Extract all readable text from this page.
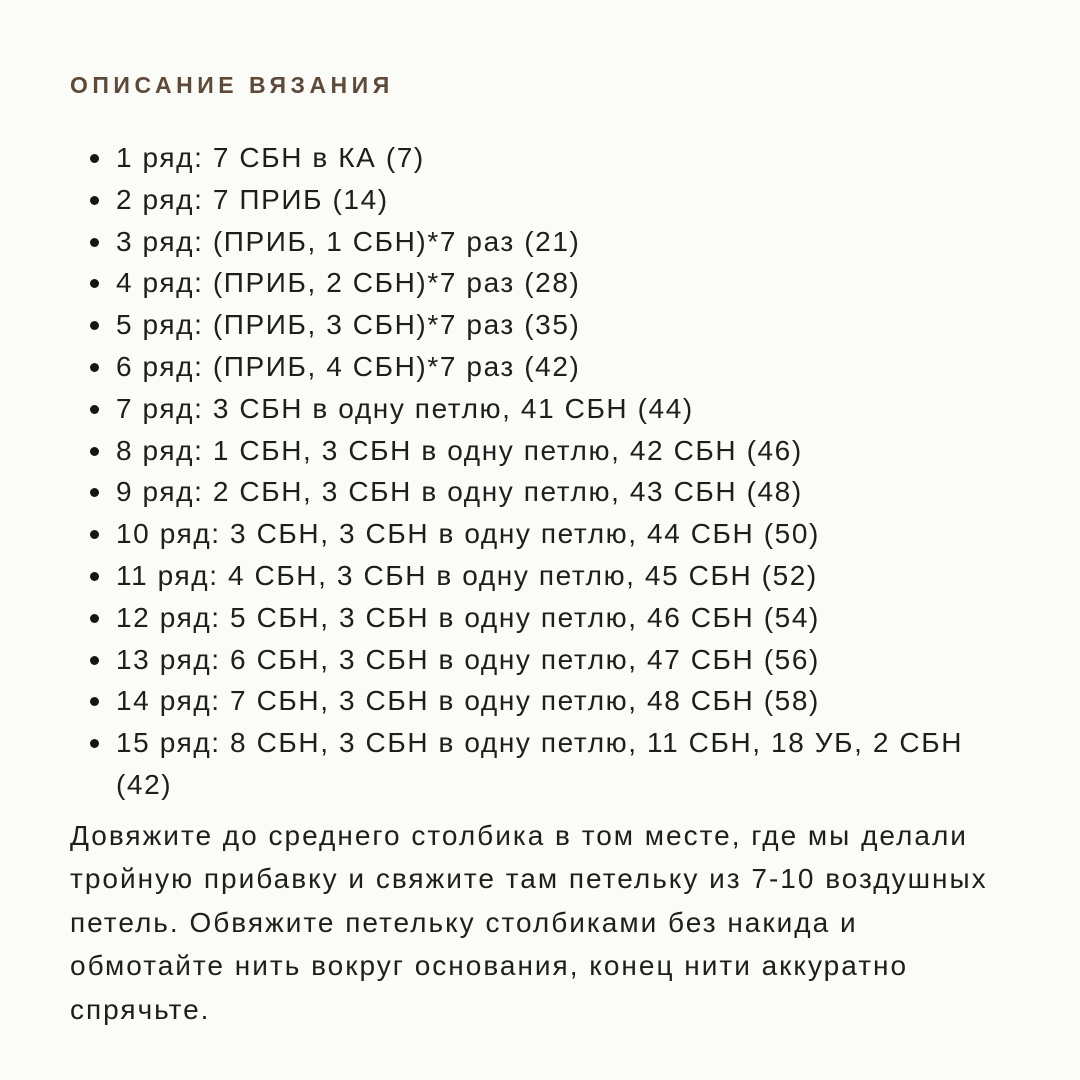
ОПИСАНИЕ ВЯЗАНИЯ
1 ряд: 7 СБН в КА (7)
2 ряд: 7 ПРИБ (14)
3 ряд: (ПРИБ, 1 СБН)*7 раз (21)
4 ряд: (ПРИБ, 2 СБН)*7 раз (28)
5 ряд: (ПРИБ, 3 СБН)*7 раз (35)
6 ряд: (ПРИБ, 4 СБН)*7 раз (42)
7 ряд: 3 СБН в одну петлю, 41 СБН (44)
8 ряд: 1 СБН, 3 СБН в одну петлю, 42 СБН (46)
9 ряд: 2 СБН, 3 СБН в одну петлю, 43 СБН (48)
10 ряд: 3 СБН, 3 СБН в одну петлю, 44 СБН (50)
11 ряд: 4 СБН, 3 СБН в одну петлю, 45 СБН (52)
12 ряд: 5 СБН, 3 СБН в одну петлю, 46 СБН (54)
13 ряд: 6 СБН, 3 СБН в одну петлю, 47 СБН (56)
14 ряд: 7 СБН, 3 СБН в одну петлю, 48 СБН (58)
15 ряд: 8 СБН, 3 СБН в одну петлю, 11 СБН, 18 УБ, 2 СБН (42)

Довяжите до среднего столбика в том месте, где мы делали тройную прибавку и свяжите там петельку из 7-10 воздушных петель. Обвяжите петельку столбиками без накида и обмотайте нить вокруг основания, конец нити аккуратно спрячьте.
